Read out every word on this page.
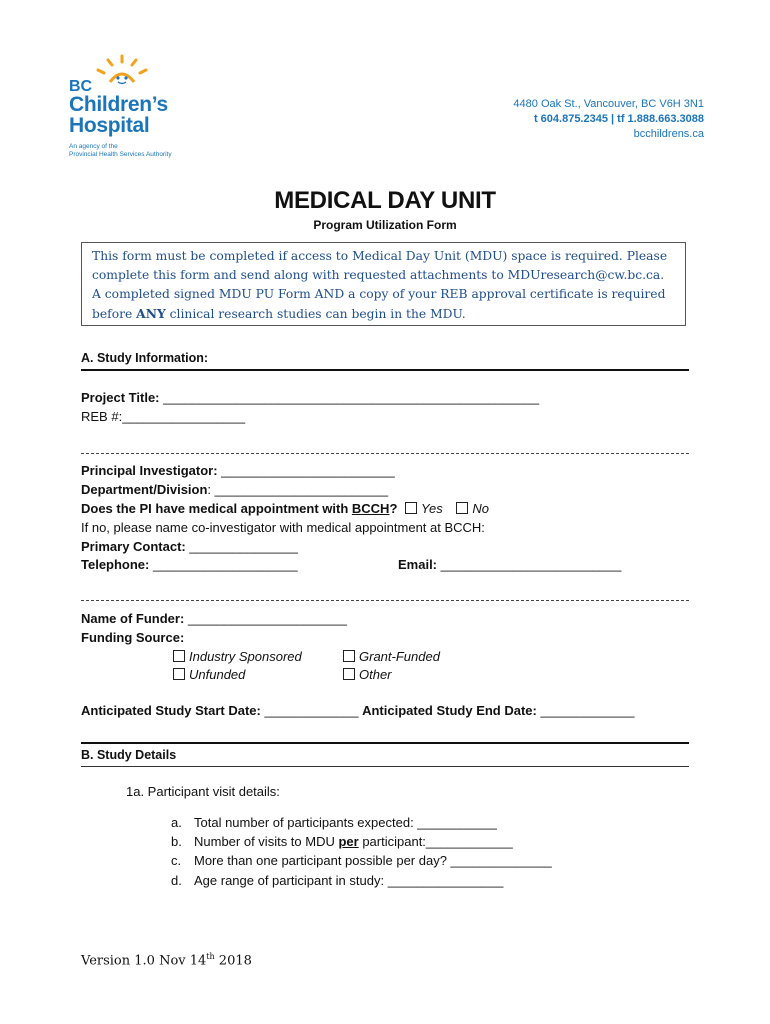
BC
Children’s
Hospital
An agency of the
Provincial Health Services Authority
4480 Oak St., Vancouver, BC V6H 3N1
t 604.875.2345 | tf 1.888.663.3088
bcchildrens.ca
MEDICAL DAY UNIT
Program Utilization Form
This form must be completed if access to Medical Day Unit (MDU) space is required. Please complete this form and send along with requested attachments to MDUresearch@cw.bc.ca. A completed signed MDU PU Form AND a copy of your REB approval certificate is required before ANY clinical research studies can begin in the MDU.
A. Study Information:
Project Title: ____________________________________________________
REB #:_________________
Principal Investigator: ________________________
Department/Division: ________________________
Does the PI have medical appointment with BCCH? Yes No
If no, please name co-investigator with medical appointment at BCCH:
Primary Contact: _______________
Telephone: ____________________	Email: _________________________
Name of Funder: ______________________
Funding Source:
Industry Sponsored	Grant-Funded
Unfunded	Other
Anticipated Study Start Date: _____________ Anticipated Study End Date: _____________
B. Study Details
1a. Participant visit details:
a. Total number of participants expected: ___________
b. Number of visits to MDU per participant:____________
c. More than one participant possible per day? ______________
d. Age range of participant in study: ________________
Version 1.0 Nov 14th 2018
